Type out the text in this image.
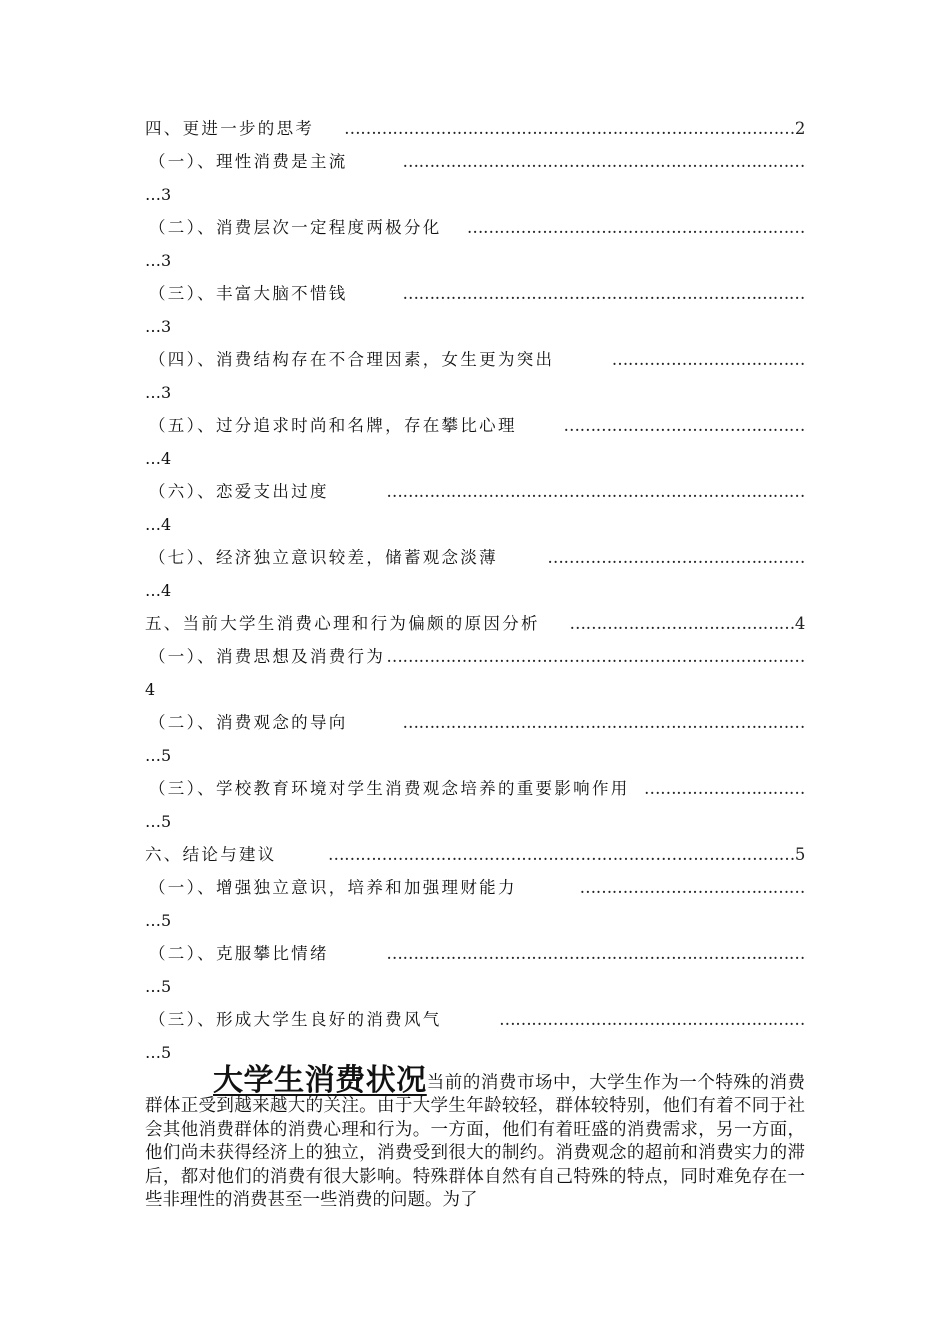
四、更进一步的思考 …………………………………………………………………………2
（一）、理性消费是主流	…………………………………………………………………
…3
（二）、消费层次一定程度两极分化 ………………………………………………………
…3
（三）、丰富大脑不惜钱	…………………………………………………………………
…3
（四）、消费结构存在不合理因素，女生更为突出	………………………………
…3
（五）、过分追求时尚和名牌，存在攀比心理	………………………………………
…4
（六）、恋爱支出过度	……………………………………………………………………
…4
（七）、经济独立意识较差，储蓄观念淡薄	…………………………………………
…4
五、当前大学生消费心理和行为偏颇的原因分析 ……………………………………4
（一）、消费思想及消费行为 ……………………………………………………………………
4
（二）、消费观念的导向	…………………………………………………………………
…5
（三）、学校教育环境对学生消费观念培养的重要影响作用 …………………………
…5
六、结论与建议	……………………………………………………………………………5
（一）、增强独立意识，培养和加强理财能力	……………………………………
…5
（二）、克服攀比情绪	……………………………………………………………………
…5
（三）、形成大学生良好的消费风气	…………………………………………………
…5
大学生消费状况当前的消费市场中，大学生作为一个特殊的消费群体正受到越来越大的关注。由于大学生年龄较轻，群体较特别，他们有着不同于社会其他消费群体的消费心理和行为。一方面，他们有着旺盛的消费需求，另一方面，他们尚未获得经济上的独立，消费受到很大的制约。消费观念的超前和消费实力的滞后，都对他们的消费有很大影响。特殊群体自然有自己特殊的特点，同时难免存在一些非理性的消费甚至一些消费的问题。为了
